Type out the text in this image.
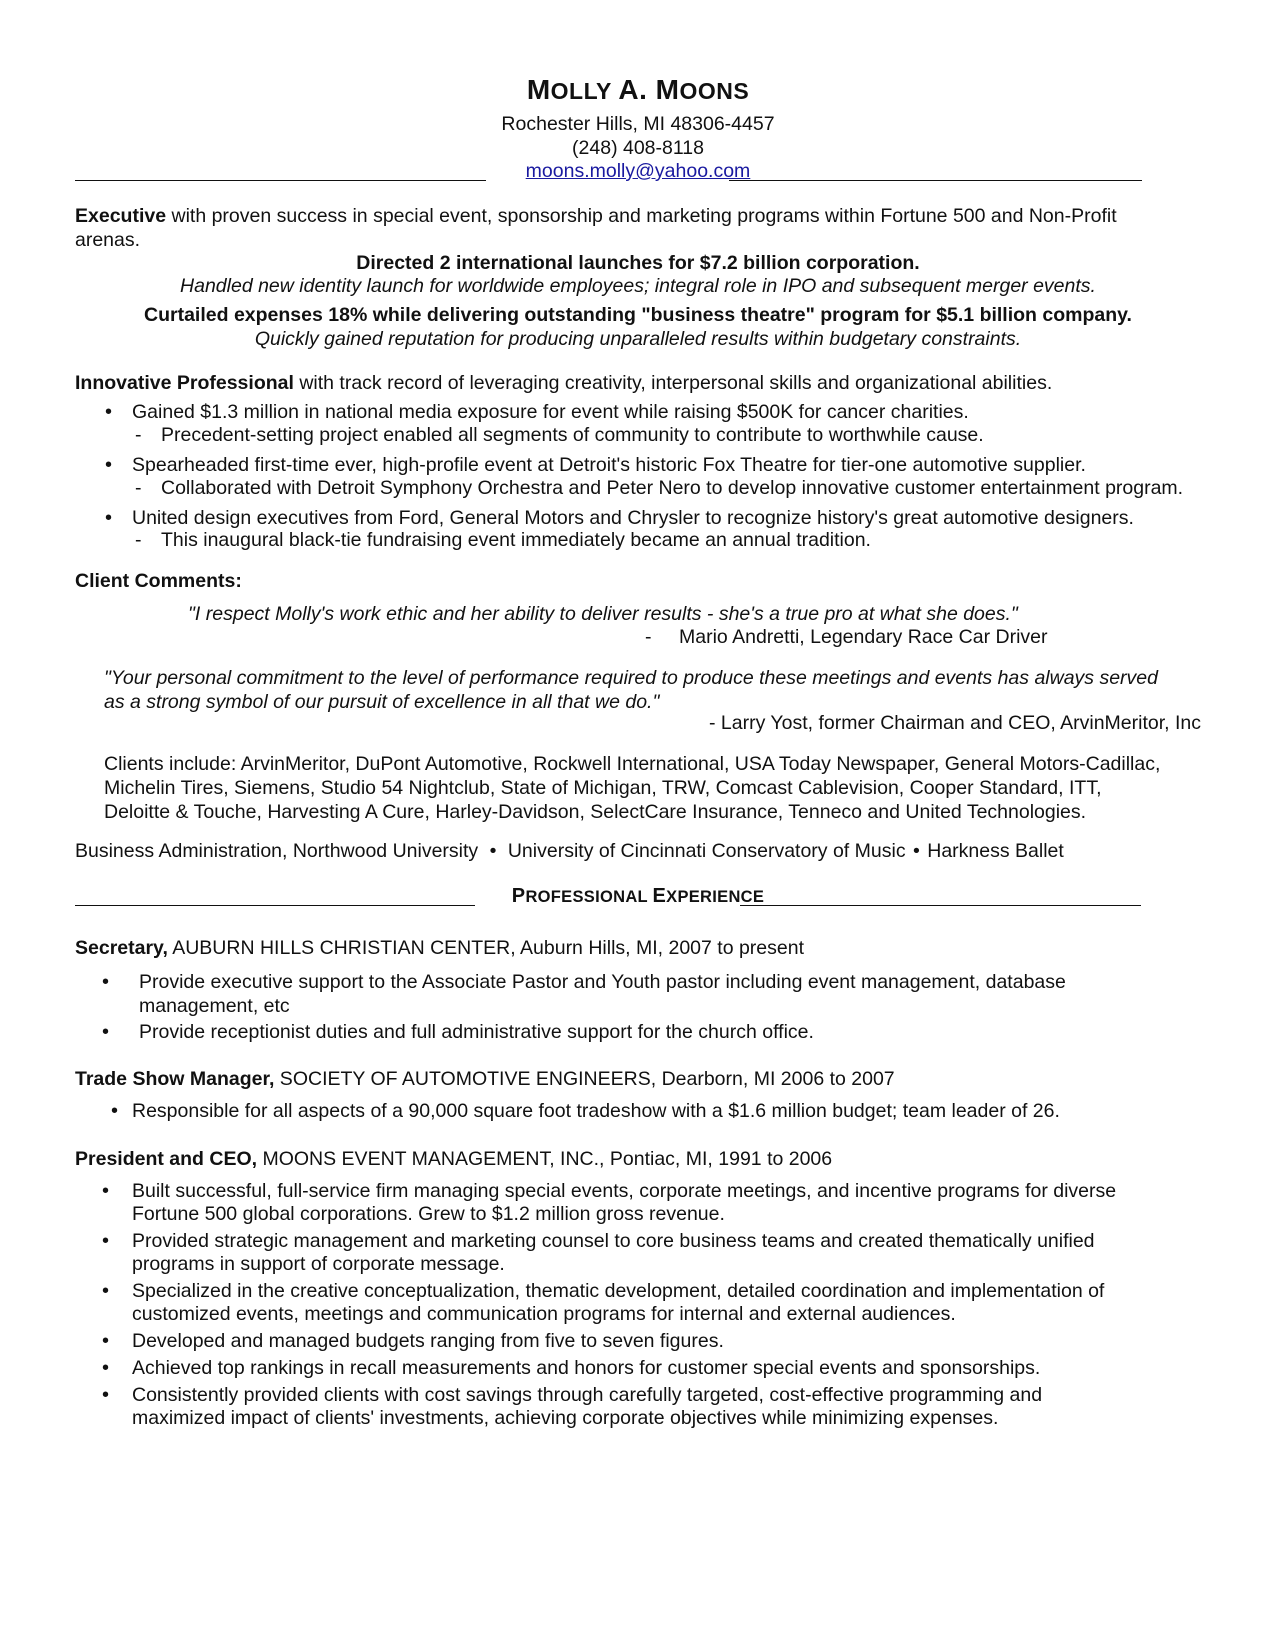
MOLLY A. MOONS
Rochester Hills, MI 48306-4457
(248) 408-8118
moons.molly@yahoo.com
Executive with proven success in special event, sponsorship and marketing programs within Fortune 500 and Non-Profit
arenas.
Directed 2 international launches for $7.2 billion corporation.
Handled new identity launch for worldwide employees; integral role in IPO and subsequent merger events.
Curtailed expenses 18% while delivering outstanding "business theatre" program for $5.1 billion company.
Quickly gained reputation for producing unparalleled results within budgetary constraints.
Innovative Professional with track record of leveraging creativity, interpersonal skills and organizational abilities.
•	Gained $1.3 million in national media exposure for event while raising $500K for cancer charities.
-	Precedent-setting project enabled all segments of community to contribute to worthwhile cause.
•	Spearheaded first-time ever, high-profile event at Detroit's historic Fox Theatre for tier-one automotive supplier.
-	Collaborated with Detroit Symphony Orchestra and Peter Nero to develop innovative customer entertainment program.
•	United design executives from Ford, General Motors and Chrysler to recognize history's great automotive designers.
-	This inaugural black-tie fundraising event immediately became an annual tradition.
Client Comments:
"I respect Molly's work ethic and her ability to deliver results - she's a true pro at what she does."
- Mario Andretti, Legendary Race Car Driver
"Your personal commitment to the level of performance required to produce these meetings and events has always served
as a strong symbol of our pursuit of excellence in all that we do."
- Larry Yost, former Chairman and CEO, ArvinMeritor, Inc
Clients include: ArvinMeritor, DuPont Automotive, Rockwell International, USA Today Newspaper, General Motors-Cadillac,
Michelin Tires, Siemens, Studio 54 Nightclub, State of Michigan, TRW, Comcast Cablevision, Cooper Standard, ITT,
Deloitte & Touche, Harvesting A Cure, Harley-Davidson, SelectCare Insurance, Tenneco and United Technologies.
Business Administration, Northwood University • University of Cincinnati Conservatory of Music • Harkness Ballet
PROFESSIONAL EXPERIENCE
Secretary, AUBURN HILLS CHRISTIAN CENTER, Auburn Hills, MI, 2007 to present
•	Provide executive support to the Associate Pastor and Youth pastor including event management, database
management, etc
•	Provide receptionist duties and full administrative support for the church office.
Trade Show Manager, SOCIETY OF AUTOMOTIVE ENGINEERS, Dearborn, MI 2006 to 2007
• Responsible for all aspects of a 90,000 square foot tradeshow with a $1.6 million budget; team leader of 26.
President and CEO, MOONS EVENT MANAGEMENT, INC., Pontiac, MI, 1991 to 2006
•	Built successful, full-service firm managing special events, corporate meetings, and incentive programs for diverse
Fortune 500 global corporations. Grew to $1.2 million gross revenue.
•	Provided strategic management and marketing counsel to core business teams and created thematically unified
programs in support of corporate message.
•	Specialized in the creative conceptualization, thematic development, detailed coordination and implementation of
customized events, meetings and communication programs for internal and external audiences.
•	Developed and managed budgets ranging from five to seven figures.
•	Achieved top rankings in recall measurements and honors for customer special events and sponsorships.
•	Consistently provided clients with cost savings through carefully targeted, cost-effective programming and
maximized impact of clients' investments, achieving corporate objectives while minimizing expenses.
